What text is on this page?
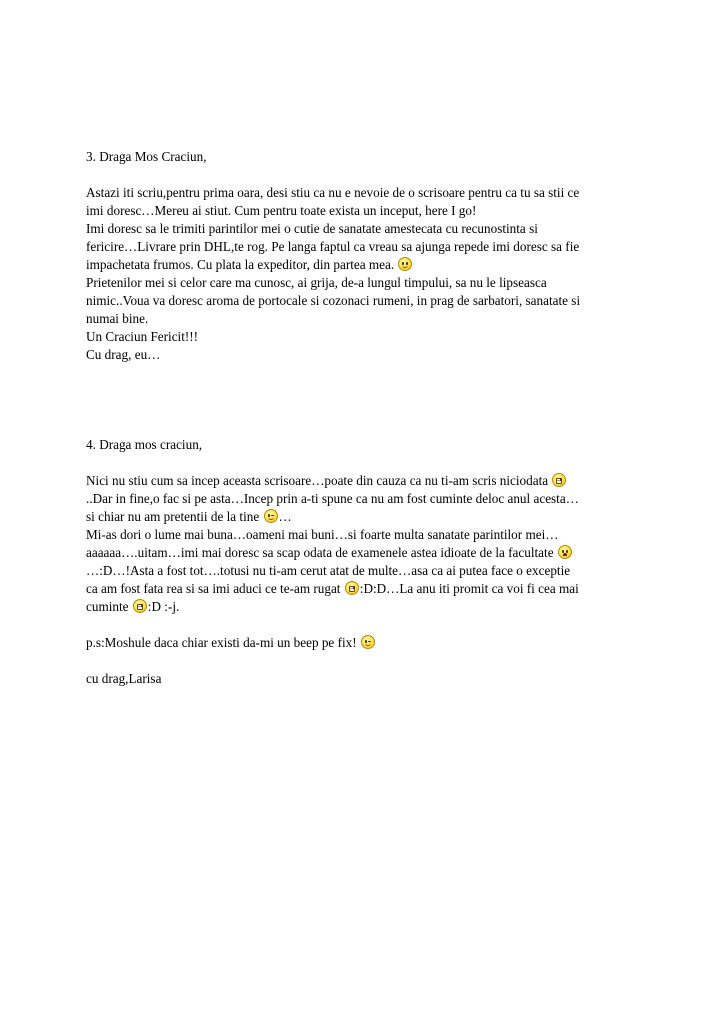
3. Draga Mos Craciun,

Astazi iti scriu,pentru prima oara, desi stiu ca nu e nevoie de o scrisoare pentru ca tu sa stii ce

imi doresc…Mereu ai stiut. Cum pentru toate exista un inceput, here I go!

Imi doresc sa le trimiti parintilor mei o cutie de sanatate amestecata cu recunostinta si

fericire…Livrare prin DHL,te rog. Pe langa faptul ca vreau sa ajunga repede imi doresc sa fie

impachetata frumos. Cu plata la expeditor, din partea mea.

Prietenilor mei si celor care ma cunosc, ai grija, de-a lungul timpului, sa nu le lipseasca

nimic..Voua va doresc aroma de portocale si cozonaci rumeni, in prag de sarbatori, sanatate si

numai bine.

Un Craciun Fericit!!!

Cu drag, eu…

4. Draga mos craciun,

Nici nu stiu cum sa incep aceasta scrisoare…poate din cauza ca nu ti-am scris niciodata

..Dar in fine,o fac si pe asta…Incep prin a-ti spune ca nu am fost cuminte deloc anul acesta…

si chiar nu am pretentii de la tine …

Mi-as dori o lume mai buna…oameni mai buni…si foarte multa sanatate parintilor mei…

aaaaaa….uitam…imi mai doresc sa scap odata de examenele astea idioate de la facultate

…:D…!Asta a fost tot….totusi nu ti-am cerut atat de multe…asa ca ai putea face o exceptie

ca am fost fata rea si sa imi aduci ce te-am rugat :D:D…La anu iti promit ca voi fi cea mai

cuminte :D :-j.

p.s:Moshule daca chiar existi da-mi un beep pe fix!

cu drag,Larisa
